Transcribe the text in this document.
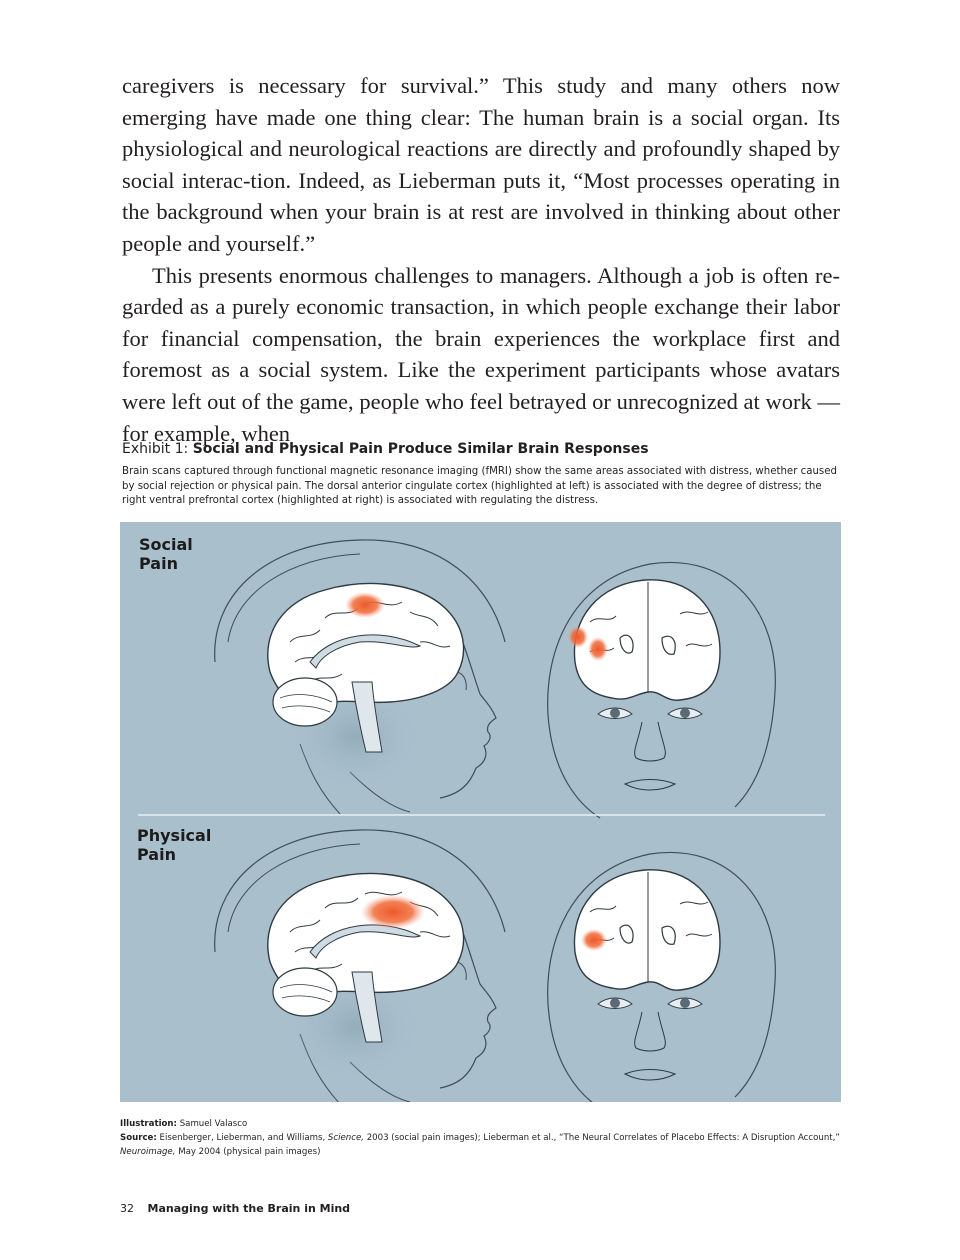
caregivers is necessary for survival.” This study and many others now emerging have made one thing clear: The human brain is a social organ. Its physiological and neurological reactions are directly and profoundly shaped by social interac-tion. Indeed, as Lieberman puts it, “Most processes operating in the background when your brain is at rest are involved in thinking about other people and yourself.”

This presents enormous challenges to managers. Although a job is often re-garded as a purely economic transaction, in which people exchange their labor for financial compensation, the brain experiences the workplace first and foremost as a social system. Like the experiment participants whose avatars were left out of the game, people who feel betrayed or unrecognized at work — for example, when

Exhibit 1: Social and Physical Pain Produce Similar Brain Responses
Brain scans captured through functional magnetic resonance imaging (fMRI) show the same areas associated with distress, whether caused by social rejection or physical pain. The dorsal anterior cingulate cortex (highlighted at left) is associated with the degree of distress; the right ventral prefrontal cortex (highlighted at right) is associated with regulating the distress.
Social
Pain
Physical
Pain
Illustration: Samuel Valasco
Source: Eisenberger, Lieberman, and Williams, Science, 2003 (social pain images); Lieberman et al., “The Neural Correlates of Placebo Effects: A Disruption Account,”
Neuroimage, May 2004 (physical pain images)
32 Managing with the Brain in Mind
